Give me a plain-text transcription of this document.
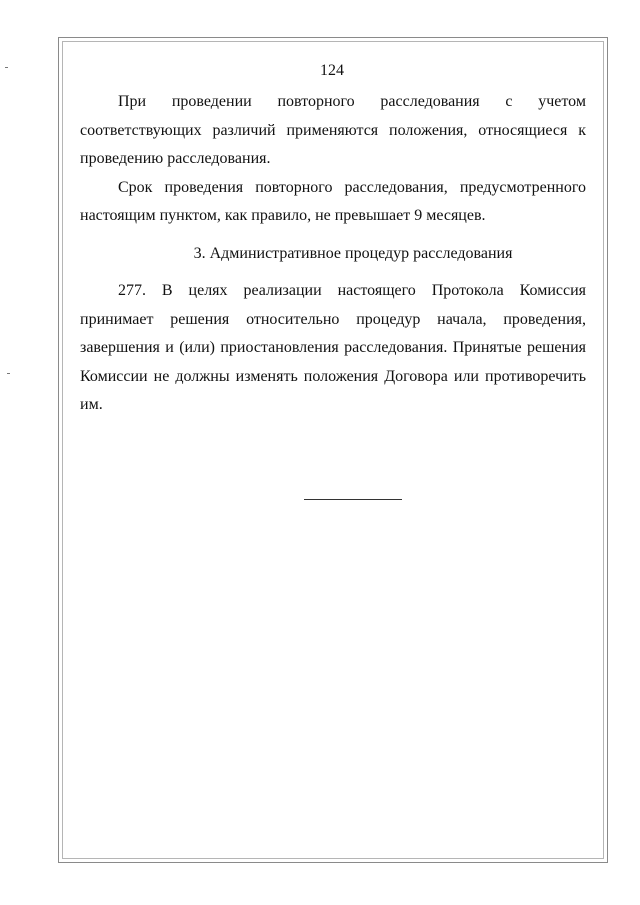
124

При проведении повторного расследования с учетом соответствующих различий применяются положения, относящиеся к проведению расследования.

Срок проведения повторного расследования, предусмотренного настоящим пунктом, как правило, не превышает 9 месяцев.

3. Административное процедур расследования

277. В целях реализации настоящего Протокола Комиссия принимает решения относительно процедур начала, проведения, завершения и (или) приостановления расследования. Принятые решения Комиссии не должны изменять положения Договора или противоречить им.
